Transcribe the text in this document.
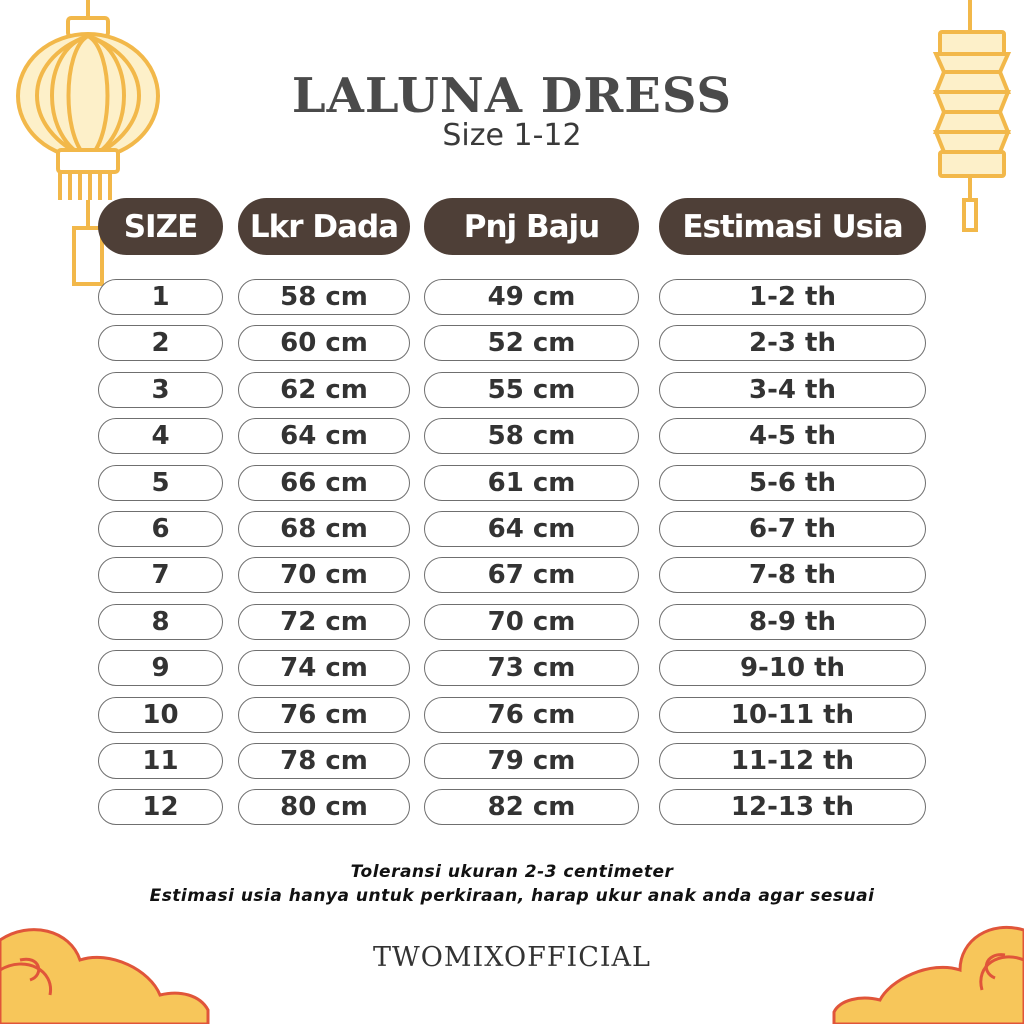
LALUNA DRESS
Size 1-12
SIZE
1
2
3
4
5
6
7
8
9
10
11
12
Lkr Dada
58 cm
60 cm
62 cm
64 cm
66 cm
68 cm
70 cm
72 cm
74 cm
76 cm
78 cm
80 cm
Pnj Baju
49 cm
52 cm
55 cm
58 cm
61 cm
64 cm
67 cm
70 cm
73 cm
76 cm
79 cm
82 cm
Estimasi Usia
1-2 th
2-3 th
3-4 th
4-5 th
5-6 th
6-7 th
7-8 th
8-9 th
9-10 th
10-11 th
11-12 th
12-13 th
Toleransi ukuran 2-3 centimeter
Estimasi usia hanya untuk perkiraan, harap ukur anak anda agar sesuai
TWOMIXOFFICIAL
